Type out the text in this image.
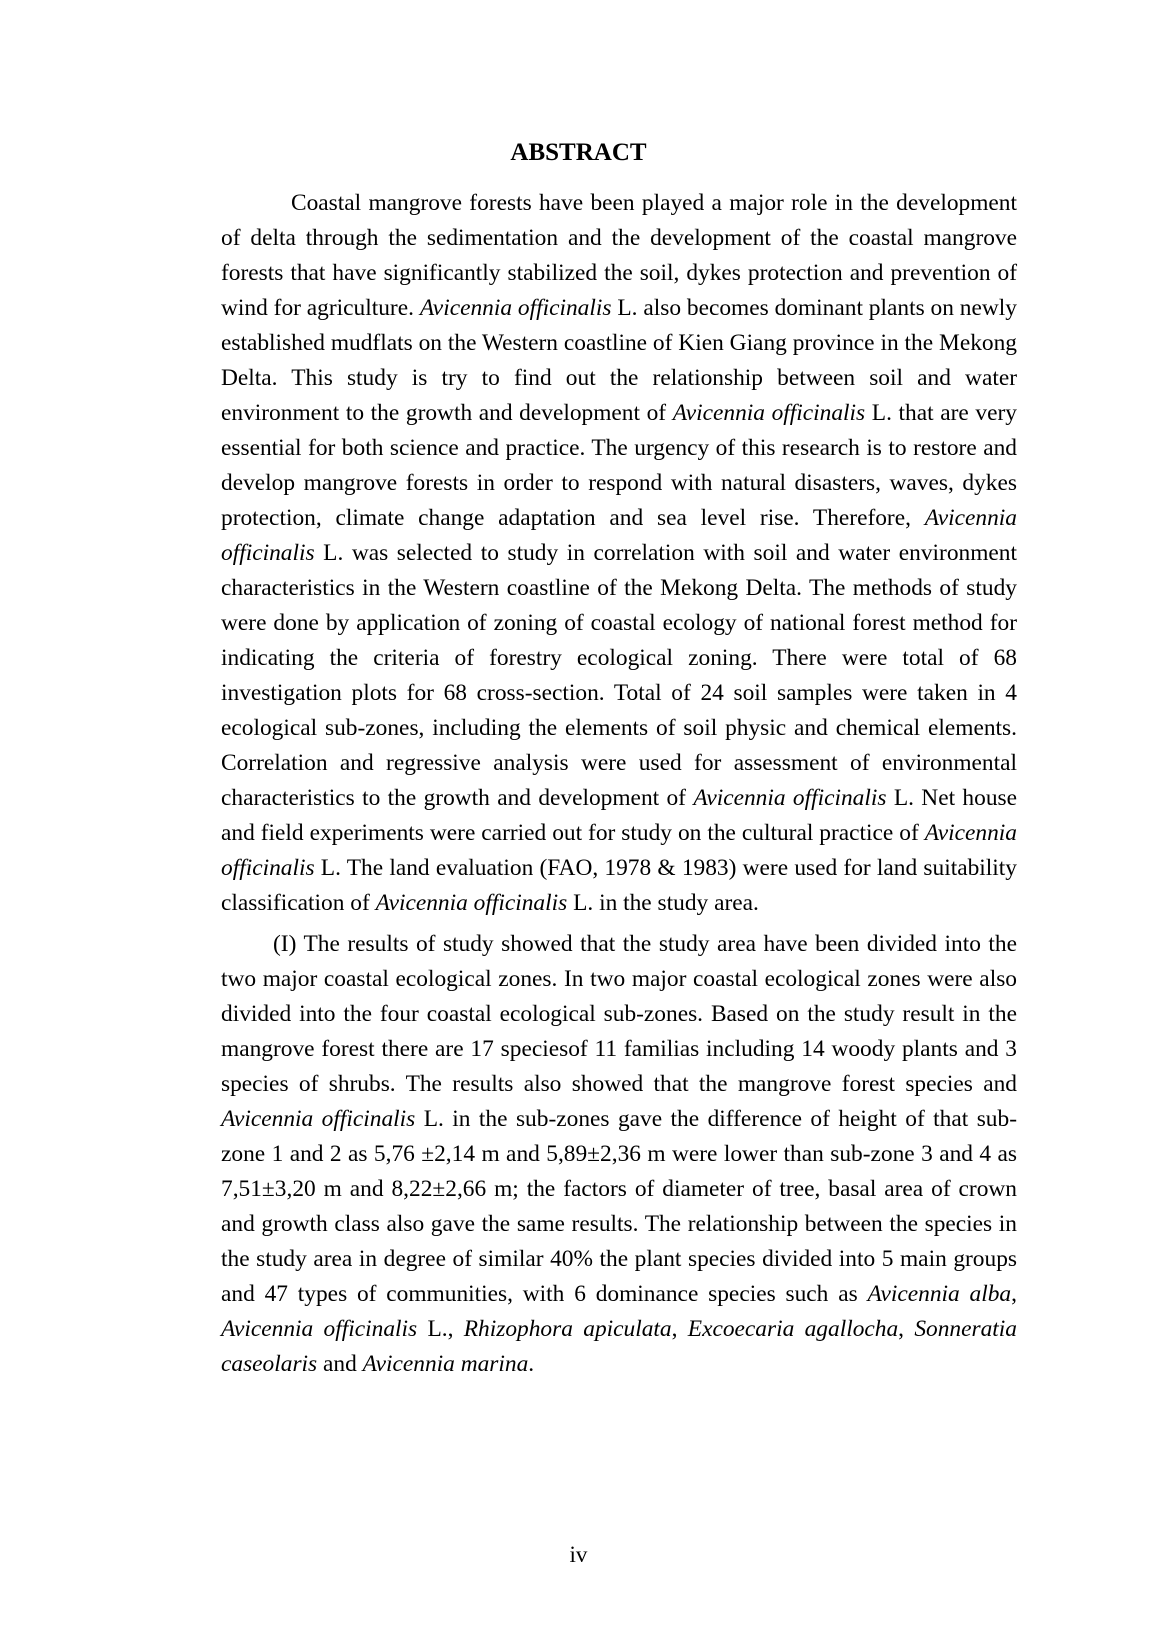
ABSTRACT

Coastal mangrove forests have been played a major role in the development of delta through the sedimentation and the development of the coastal mangrove forests that have significantly stabilized the soil, dykes protection and prevention of wind for agriculture. Avicennia officinalis L. also becomes dominant plants on newly established mudflats on the Western coastline of Kien Giang province in the Mekong Delta. This study is try to find out the relationship between soil and water environment to the growth and development of Avicennia officinalis L. that are very essential for both science and practice. The urgency of this research is to restore and develop mangrove forests in order to respond with natural disasters, waves, dykes protection, climate change adaptation and sea level rise. Therefore, Avicennia officinalis L. was selected to study in correlation with soil and water environment characteristics in the Western coastline of the Mekong Delta. The methods of study were done by application of zoning of coastal ecology of national forest method for indicating the criteria of forestry ecological zoning. There were total of 68 investigation plots for 68 cross-section. Total of 24 soil samples were taken in 4 ecological sub-zones, including the elements of soil physic and chemical elements. Correlation and regressive analysis were used for assessment of environmental characteristics to the growth and development of Avicennia officinalis L. Net house and field experiments were carried out for study on the cultural practice of Avicennia officinalis L. The land evaluation (FAO, 1978 & 1983) were used for land suitability classification of Avicennia officinalis L. in the study area.

(I) The results of study showed that the study area have been divided into the two major coastal ecological zones. In two major coastal ecological zones were also divided into the four coastal ecological sub-zones. Based on the study result in the mangrove forest there are 17 speciesof 11 familias including 14 woody plants and 3 species of shrubs. The results also showed that the mangrove forest species and Avicennia officinalis L. in the sub-zones gave the difference of height of that sub-zone 1 and 2 as 5,76 ±2,14 m and 5,89±2,36 m were lower than sub-zone 3 and 4 as 7,51±3,20 m and 8,22±2,66 m; the factors of diameter of tree, basal area of crown and growth class also gave the same results. The relationship between the species in the study area in degree of similar 40% the plant species divided into 5 main groups and 47 types of communities, with 6 dominance species such as Avicennia alba, Avicennia officinalis L., Rhizophora apiculata, Excoecaria agallocha, Sonneratia caseolaris and Avicennia marina.

iv
